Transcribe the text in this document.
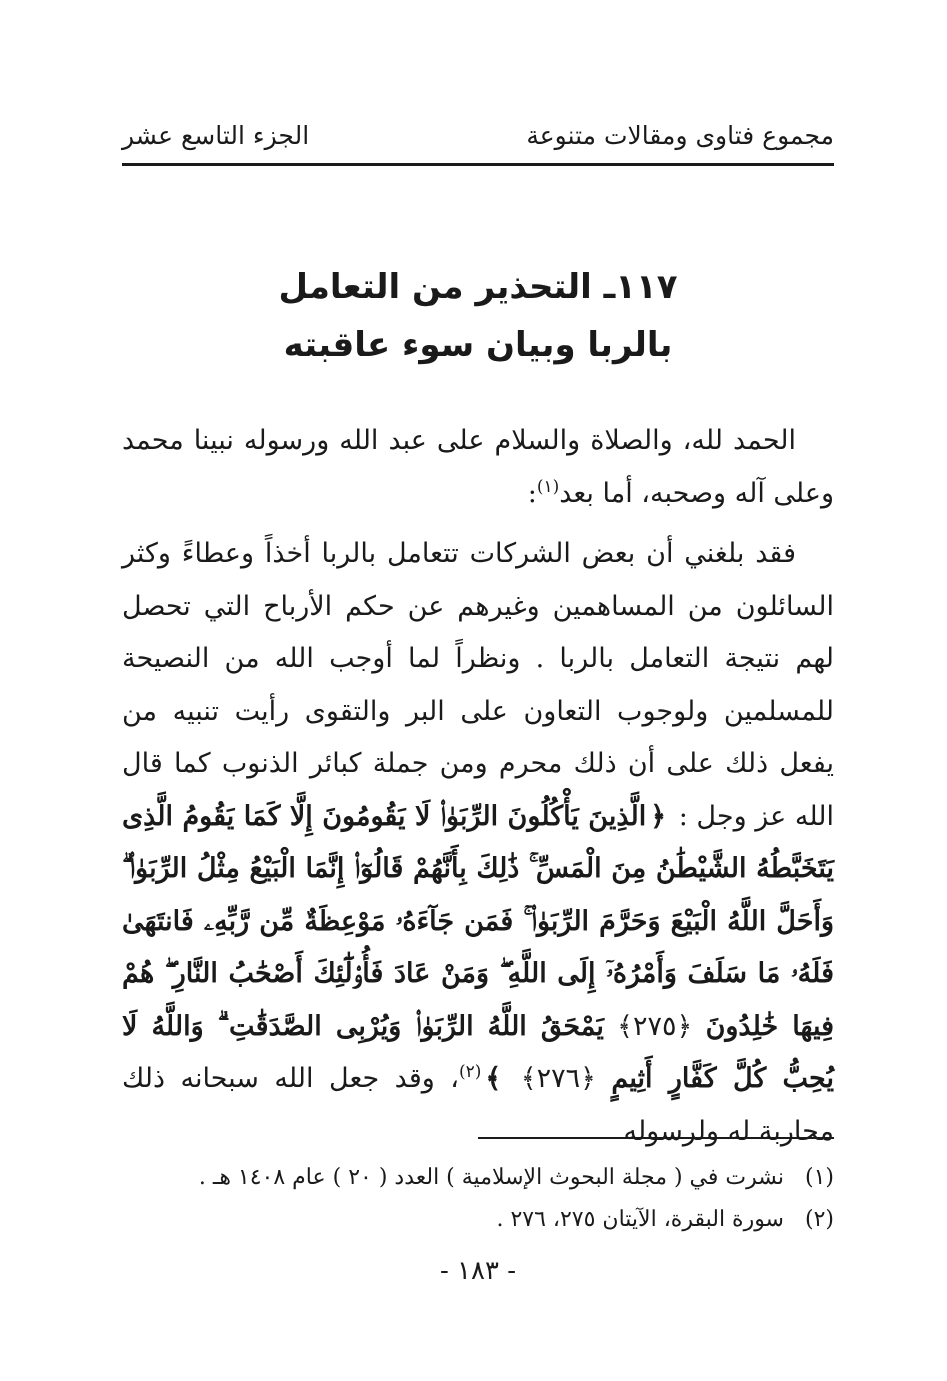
مجموع فتاوى ومقالات متنوعة
الجزء التاسع عشر
١١٧ـ التحذير من التعامل
بالربا وبيان سوء عاقبته

الحمد لله، والصلاة والسلام على عبد الله ورسوله نبينا محمد وعلى آله وصحبه، أما بعد$^{(١)}$:

فقد بلغني أن بعض الشركات تتعامل بالربا أخذاً وعطاءً وكثر السائلون من المساهمين وغيرهم عن حكم الأرباح التي تحصل لهم نتيجة التعامل بالربا . ونظراً لما أوجب الله من النصيحة للمسلمين ولوجوب التعاون على البر والتقوى رأيت تنبيه من يفعل ذلك على أن ذلك محرم ومن جملة كبائر الذنوب كما قال الله عز وجل : ﴿الَّذِينَ يَأْكُلُونَ الرِّبَوٰا۟ لَا يَقُومُونَ إِلَّا كَمَا يَقُومُ الَّذِى يَتَخَبَّطُهُ الشَّيْطَٰنُ مِنَ الْمَسِّ ۚ ذَٰلِكَ بِأَنَّهُمْ قَالُوٓا۟ إِنَّمَا الْبَيْعُ مِثْلُ الرِّبَوٰا۟ ۗ وَأَحَلَّ اللَّهُ الْبَيْعَ وَحَرَّمَ الرِّبَوٰا۟ ۚ فَمَن جَآءَهُۥ مَوْعِظَةٌ مِّن رَّبِّهِۦ فَانتَهَىٰ فَلَهُۥ مَا سَلَفَ وَأَمْرُهُۥٓ إِلَى اللَّهِ ۖ وَمَنْ عَادَ فَأُو۟لَٰٓئِكَ أَصْحَٰبُ النَّارِ ۖ هُمْ فِيهَا خَٰلِدُونَ ﴿٢٧٥﴾ يَمْحَقُ اللَّهُ الرِّبَوٰا۟ وَيُرْبِى الصَّدَقَٰتِ ۗ وَاللَّهُ لَا يُحِبُّ كُلَّ كَفَّارٍ أَثِيمٍ ﴿٢٧٦﴾ ﴾$^{(٢)}$، وقد جعل الله سبحانه ذلك محاربة له ولرسوله

(١)
نشرت في ( مجلة البحوث الإسلامية ) العدد ( ٢٠ ) عام ١٤٠٨ هـ .
(٢)
سورة البقرة، الآيتان ٢٧٥، ٢٧٦ .
- ١٨٣ -
